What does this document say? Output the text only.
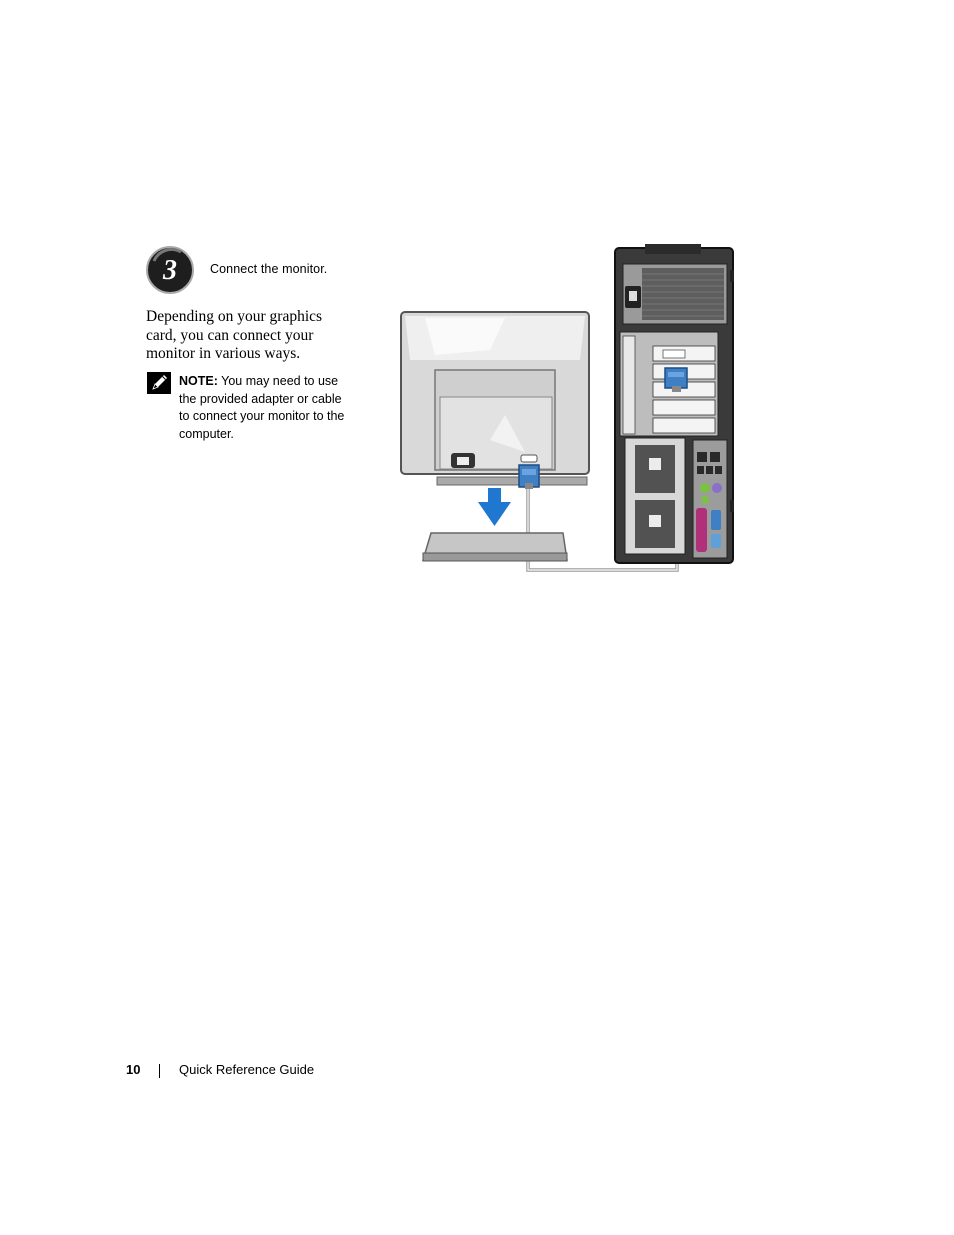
3	Connect the monitor.
Depending on your graphics card, you can connect your monitor in various ways.
NOTE: You may need to use the provided adapter or cable to connect your monitor to the computer.
10	Quick Reference Guide
